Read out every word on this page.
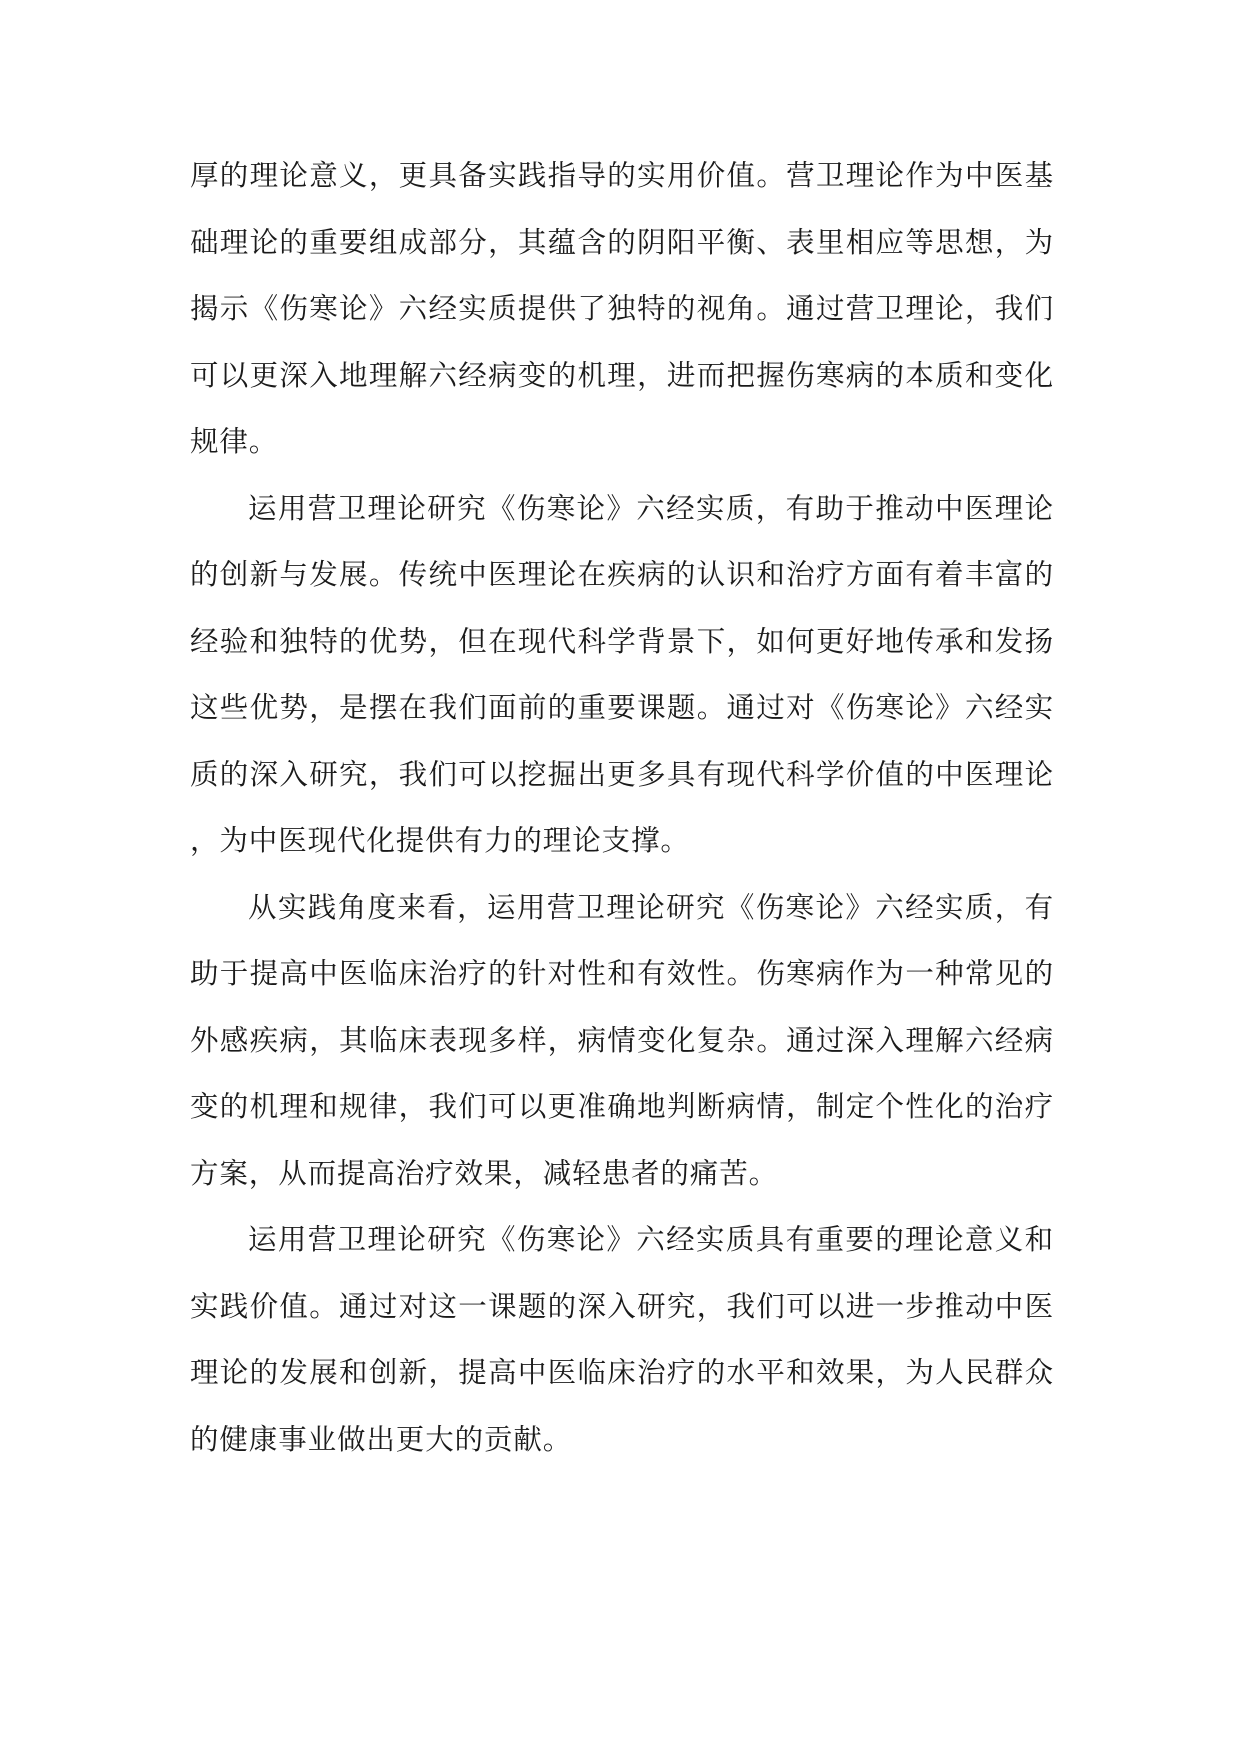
厚的理论意义，更具备实践指导的实用价值。营卫理论作为中医基础理论的重要组成部分，其蕴含的阴阳平衡、表里相应等思想，为揭示《伤寒论》六经实质提供了独特的视角。通过营卫理论，我们可以更深入地理解六经病变的机理，进而把握伤寒病的本质和变化规律。

运用营卫理论研究《伤寒论》六经实质，有助于推动中医理论的创新与发展。传统中医理论在疾病的认识和治疗方面有着丰富的经验和独特的优势，但在现代科学背景下，如何更好地传承和发扬这些优势，是摆在我们面前的重要课题。通过对《伤寒论》六经实质的深入研究，我们可以挖掘出更多具有现代科学价值的中医理论，为中医现代化提供有力的理论支撑。

从实践角度来看，运用营卫理论研究《伤寒论》六经实质，有助于提高中医临床治疗的针对性和有效性。伤寒病作为一种常见的外感疾病，其临床表现多样，病情变化复杂。通过深入理解六经病变的机理和规律，我们可以更准确地判断病情，制定个性化的治疗方案，从而提高治疗效果，减轻患者的痛苦。

运用营卫理论研究《伤寒论》六经实质具有重要的理论意义和实践价值。通过对这一课题的深入研究，我们可以进一步推动中医理论的发展和创新，提高中医临床治疗的水平和效果，为人民群众的健康事业做出更大的贡献。
